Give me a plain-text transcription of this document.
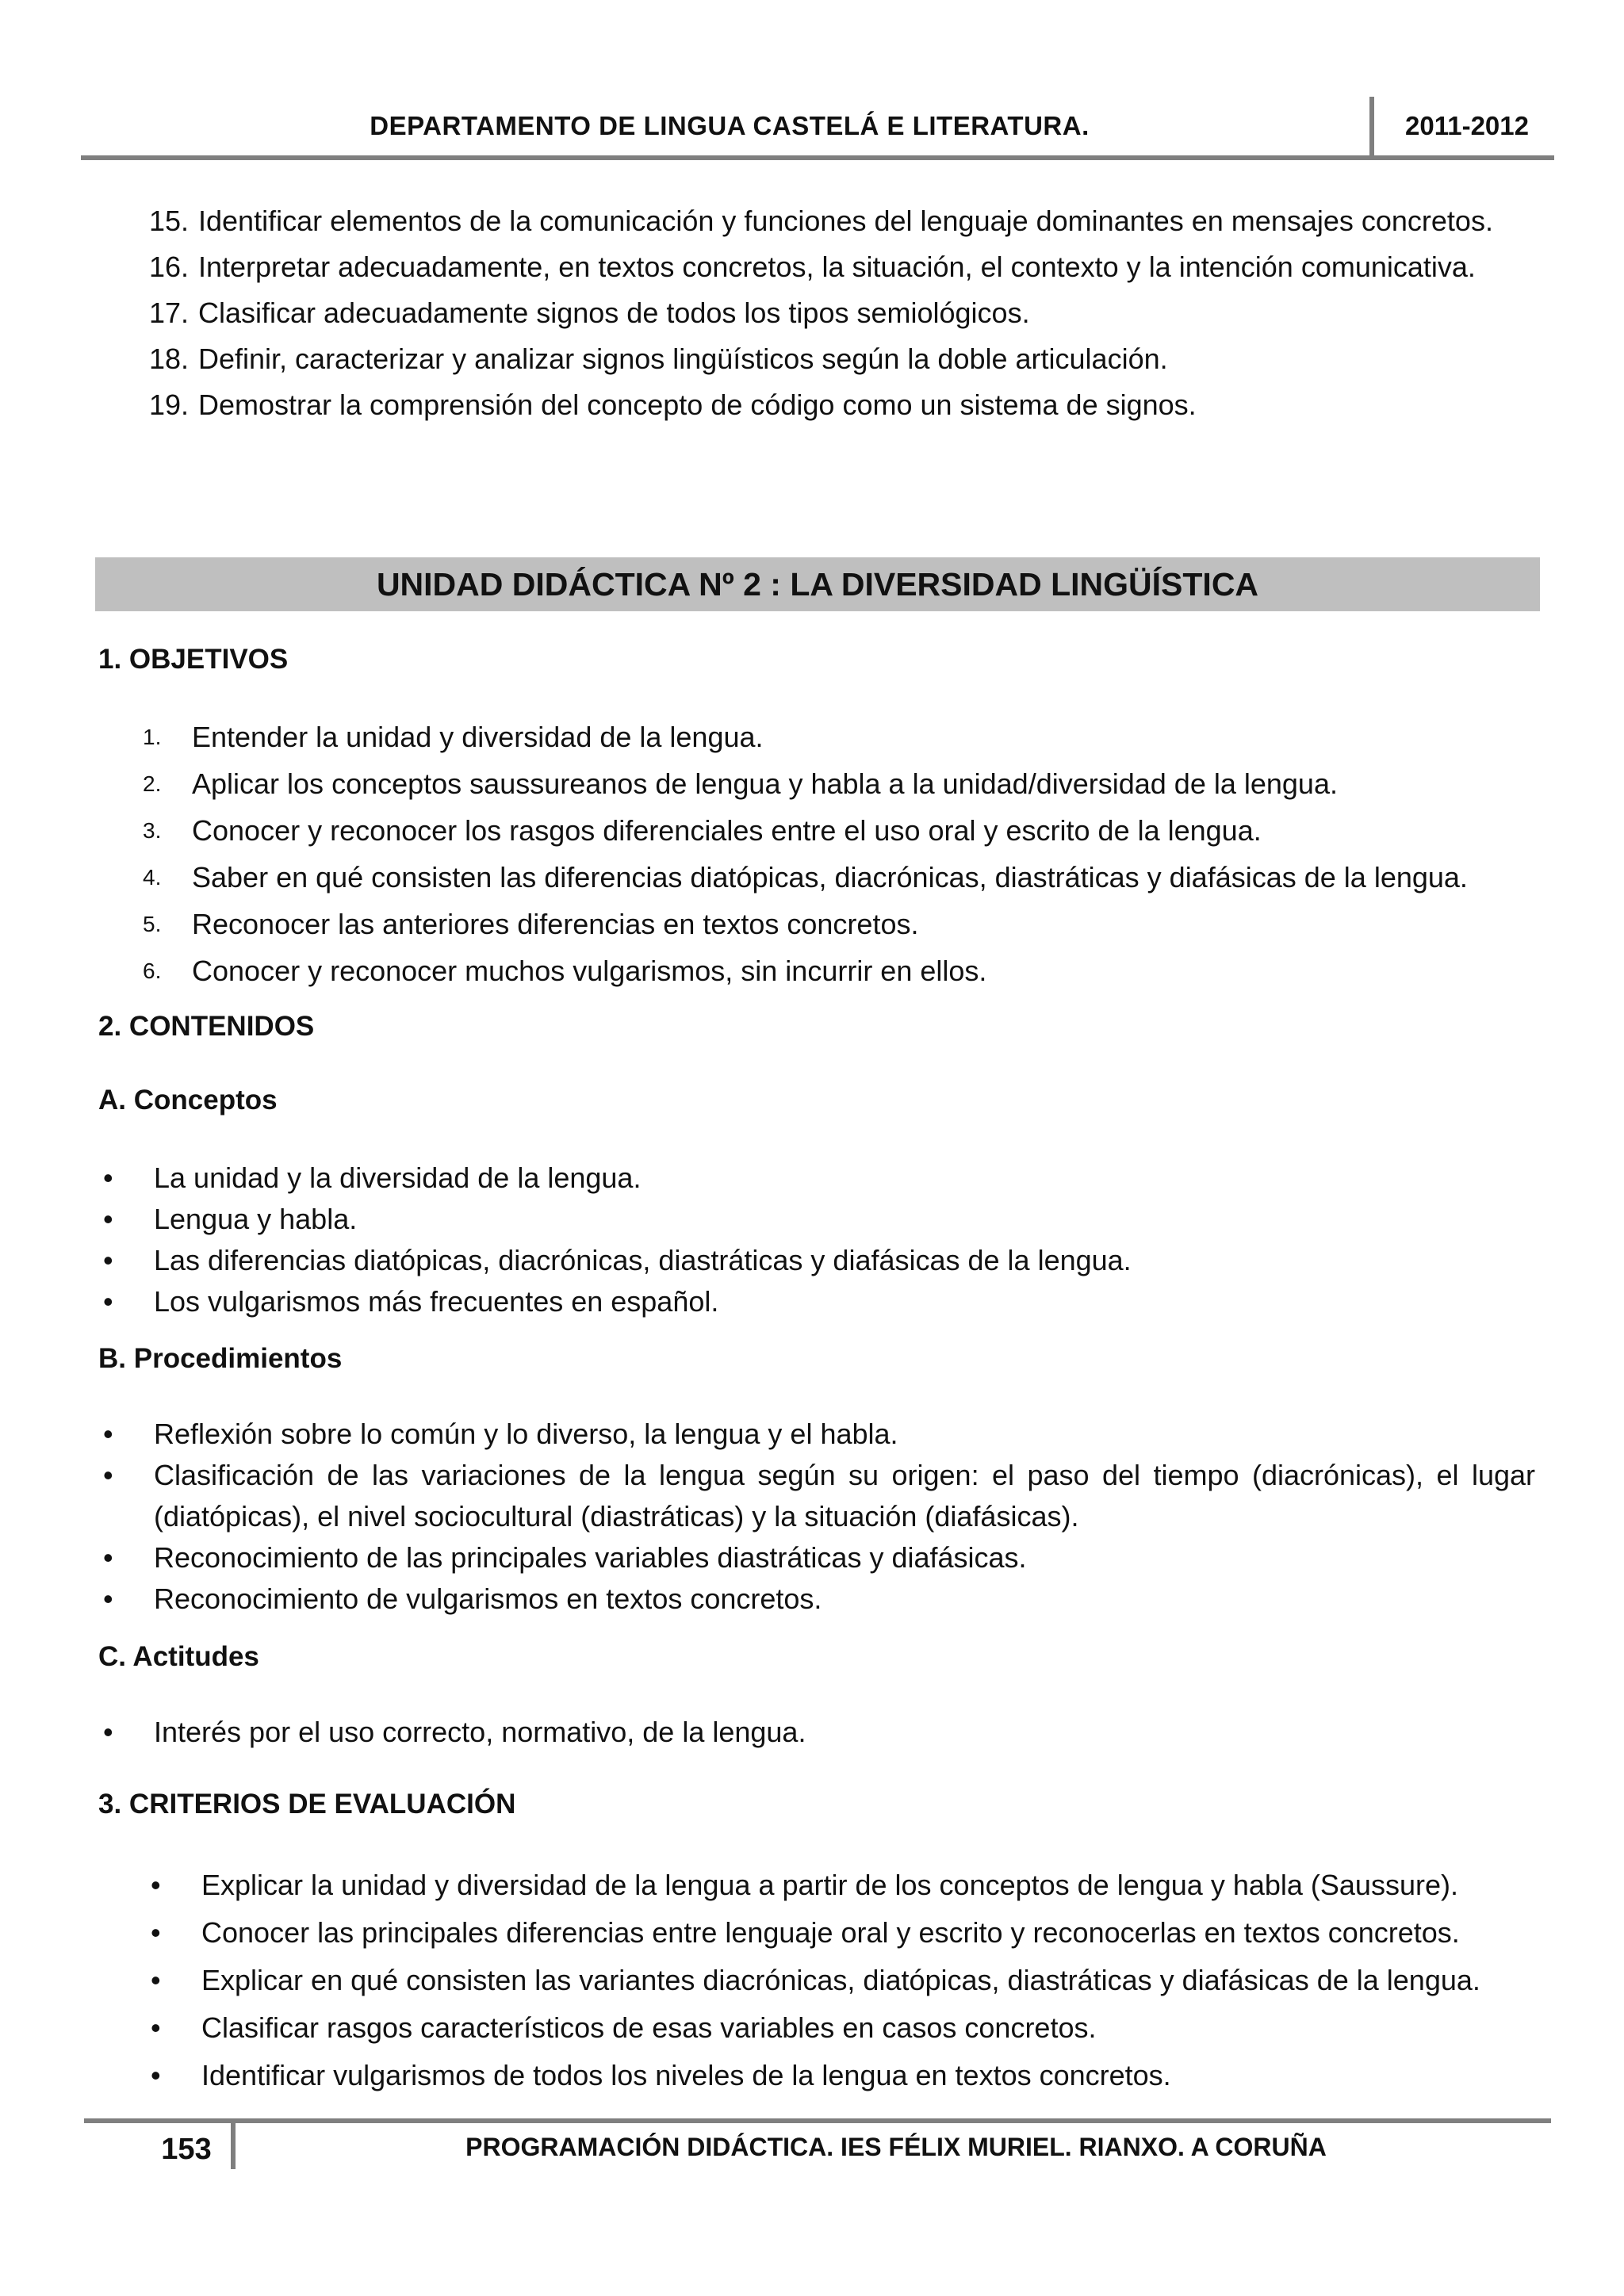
DEPARTAMENTO DE LINGUA CASTELÁ E LITERATURA.	2011-2012
15. Identificar elementos de la comunicación y funciones del lenguaje dominantes en mensajes concretos.
16. Interpretar adecuadamente, en textos concretos, la situación, el contexto y la intención comunicativa.
17. Clasificar adecuadamente signos de todos los tipos semiológicos.
18. Definir, caracterizar y analizar signos lingüísticos según la doble articulación.
19. Demostrar la comprensión del concepto de código como un sistema de signos.
UNIDAD DIDÁCTICA Nº 2 : LA DIVERSIDAD LINGÜÍSTICA
1. OBJETIVOS
1.	Entender la unidad y diversidad de la lengua.
2.	Aplicar los conceptos saussureanos de lengua y habla a la unidad/diversidad de la lengua.
3.	Conocer y reconocer los rasgos diferenciales entre el uso oral y escrito de la lengua.
4.	Saber en qué consisten las diferencias diatópicas, diacrónicas, diastráticas y diafásicas de la lengua.
5.	Reconocer las anteriores diferencias en textos concretos.
6.	Conocer y reconocer muchos vulgarismos, sin incurrir en ellos.
2. CONTENIDOS
A. Conceptos
•	La unidad y la diversidad de la lengua.
•	Lengua y habla.
•	Las diferencias diatópicas, diacrónicas, diastráticas y diafásicas de la lengua.
•	Los vulgarismos más frecuentes en español.
B. Procedimientos
•	Reflexión sobre lo común y lo diverso, la lengua y el habla.
•	Clasificación de las variaciones de la lengua según su origen: el paso del tiempo (diacrónicas), el lugar (diatópicas), el nivel sociocultural (diastráticas) y la situación (diafásicas).
•	Reconocimiento de las principales variables diastráticas y diafásicas.
•	Reconocimiento de vulgarismos en textos concretos.
C. Actitudes
•	Interés por el uso correcto, normativo, de la lengua.
3. CRITERIOS DE EVALUACIÓN
•	Explicar la unidad y diversidad de la lengua a partir de los conceptos de lengua y habla (Saussure).
•	Conocer las principales diferencias entre lenguaje oral y escrito y reconocerlas en textos concretos.
•	Explicar en qué consisten las variantes diacrónicas, diatópicas, diastráticas y diafásicas de la lengua.
•	Clasificar rasgos característicos de esas variables en casos concretos.
•	Identificar vulgarismos de todos los niveles de la lengua en textos concretos.
153	PROGRAMACIÓN DIDÁCTICA. IES FÉLIX MURIEL. RIANXO. A CORUÑA
